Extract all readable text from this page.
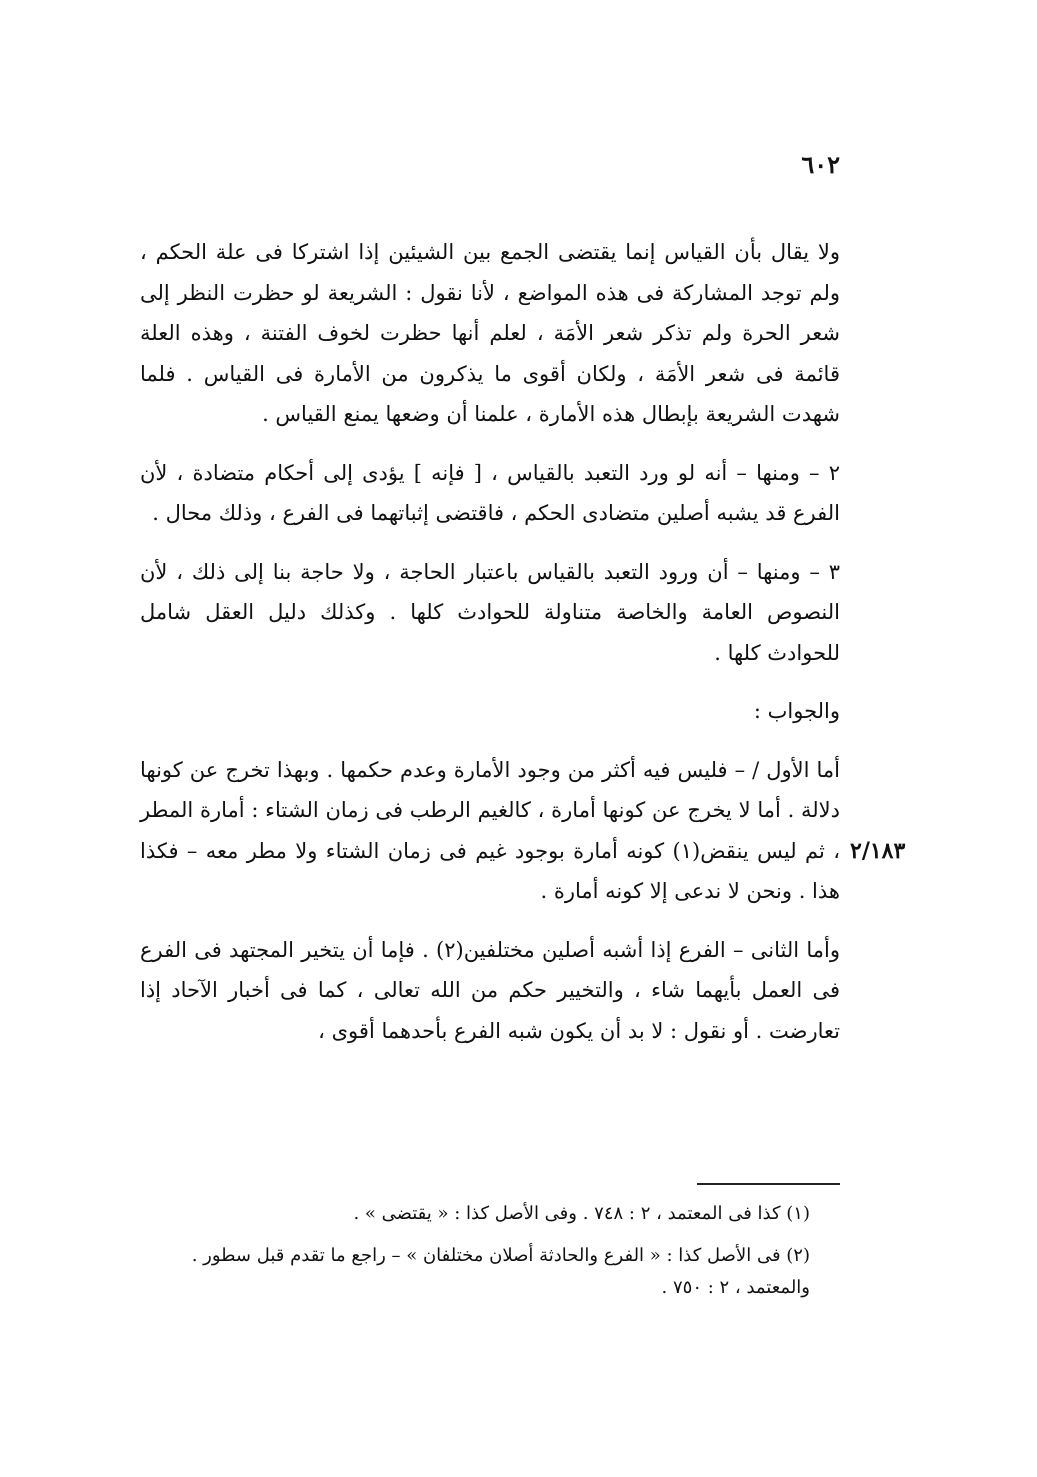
٦٠٢
٢/١٨٣

ولا يقال بأن القياس إنما يقتضى الجمع بين الشيئين إذا اشتركا فى علة الحكم ، ولم توجد المشاركة فى هذه المواضع ، لأنا نقول : الشريعة لو حظرت النظر إلى شعر الحرة ولم تذكر شعر الأمَة ، لعلم أنها حظرت لخوف الفتنة ، وهذه العلة قائمة فى شعر الأمَة ، ولكان أقوى ما يذكرون من الأمارة فى القياس . فلما شهدت الشريعة بإبطال هذه الأمارة ، علمنا أن وضعها يمنع القياس .

٢ – ومنها – أنه لو ورد التعبد بالقياس ، [ فإنه ] يؤدى إلى أحكام متضادة ، لأن الفرع قد يشبه أصلين متضادى الحكم ، فاقتضى إثباتهما فى الفرع ، وذلك محال .

٣ – ومنها – أن ورود التعبد بالقياس باعتبار الحاجة ، ولا حاجة بنا إلى ذلك ، لأن النصوص العامة والخاصة متناولة للحوادث كلها . وكذلك دليل العقل شامل للحوادث كلها .

والجواب :

أما الأول / – فليس فيه أكثر من وجود الأمارة وعدم حكمها . وبهذا تخرج عن كونها دلالة . أما لا يخرج عن كونها أمارة ، كالغيم الرطب فى زمان الشتاء : أمارة المطر ، ثم ليس ينقض(١) كونه أمارة بوجود غيم فى زمان الشتاء ولا مطر معه – فكذا هذا . ونحن لا ندعى إلا كونه أمارة .

وأما الثانى – الفرع إذا أشبه أصلين مختلفين(٢) . فإما أن يتخير المجتهد فى الفرع فى العمل بأيهما شاء ، والتخيير حكم من الله تعالى ، كما فى أخبار الآحاد إذا تعارضت . أو نقول : لا بد أن يكون شبه الفرع بأحدهما أقوى ،

(١) كذا فى المعتمد ، ٢ : ٧٤٨ . وفى الأصل كذا : « يقتضى » .

(٢) فى الأصل كذا : « الفرع والحادثة أصلان مختلفان » – راجع ما تقدم قبل سطور . والمعتمد ، ٢ : ٧٥٠ .
